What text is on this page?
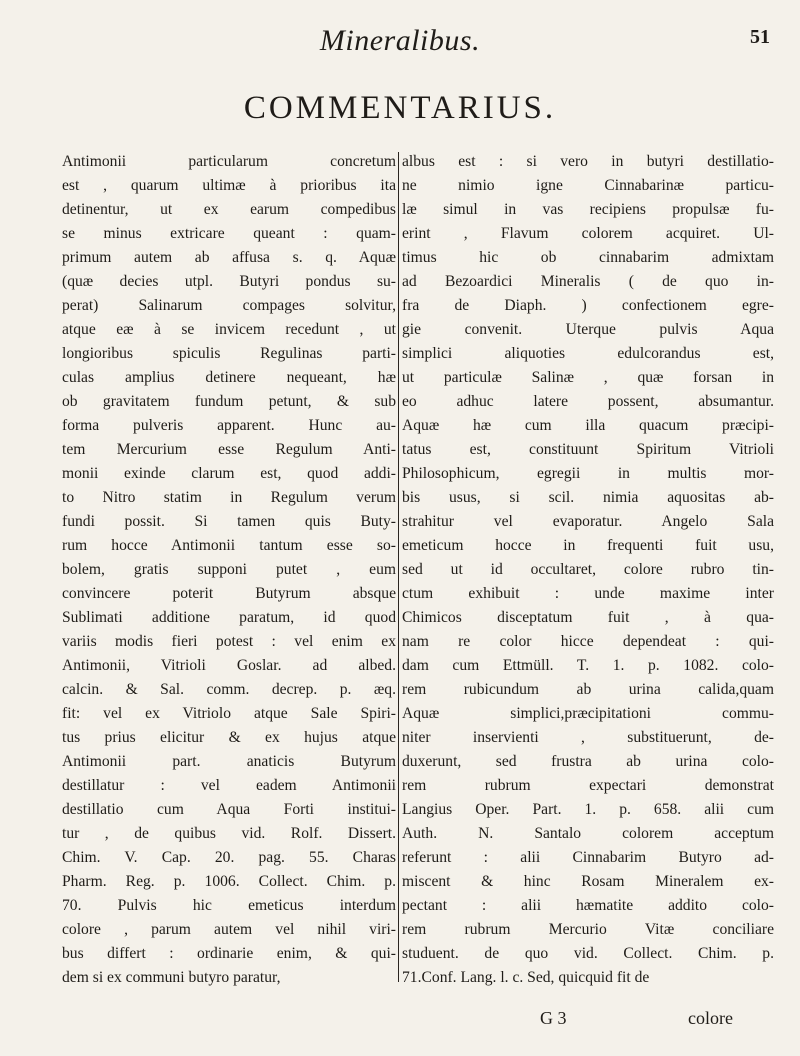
Mineralibus.	51
COMMENTARIUS.
Antimonii particularum concretum
est , quarum ultimæ à prioribus ita
detinentur, ut ex earum compedibus
se minus extricare queant : quam-
primum autem ab affusa s. q. Aquæ
(quæ decies utpl. Butyri pondus su-
perat) Salinarum compages solvitur,
atque eæ à se invicem recedunt , ut
longioribus spiculis Regulinas parti-
culas amplius detinere nequeant, hæ
ob gravitatem fundum petunt, & sub
forma pulveris apparent. Hunc au-
tem Mercurium esse Regulum Anti-
monii exinde clarum est, quod addi-
to Nitro statim in Regulum verum
fundi possit. Si tamen quis Buty-
rum hocce Antimonii tantum esse so-
bolem, gratis supponi putet , eum
convincere poterit Butyrum absque
Sublimati additione paratum, id quod
variis modis fieri potest : vel enim ex
Antimonii, Vitrioli Goslar. ad albed.
calcin. & Sal. comm. decrep. p. æq.
fit: vel ex Vitriolo atque Sale Spiri-
tus prius elicitur & ex hujus atque
Antimonii part. anaticis Butyrum
destillatur : vel eadem Antimonii
destillatio cum Aqua Forti institui-
tur , de quibus vid. Rolf. Dissert.
Chim. V. Cap. 20. pag. 55. Charas
Pharm. Reg. p. 1006. Collect. Chim. p.
70. Pulvis hic emeticus interdum
colore , parum autem vel nihil viri-
bus differt : ordinarie enim, & qui-
dem si ex communi butyro paratur,
albus est : si vero in butyri destillatio-
ne nimio igne Cinnabarinæ particu-
læ simul in vas recipiens propulsæ fu-
erint , Flavum colorem acquiret. Ul-
timus hic ob cinnabarim admixtam
ad Bezoardici Mineralis ( de quo in-
fra de Diaph. ) confectionem egre-
gie convenit. Uterque pulvis Aqua
simplici aliquoties edulcorandus est,
ut particulæ Salinæ , quæ forsan in
eo adhuc latere possent, absumantur.
Aquæ hæ cum illa quacum præcipi-
tatus est, constituunt Spiritum Vitrioli
Philosophicum, egregii in multis mor-
bis usus, si scil. nimia aquositas ab-
strahitur vel evaporatur. Angelo Sala
emeticum hocce in frequenti fuit usu,
sed ut id occultaret, colore rubro tin-
ctum exhibuit : unde maxime inter
Chimicos disceptatum fuit , à qua-
nam re color hicce dependeat : qui-
dam cum Ettmüll. T. 1. p. 1082. colo-
rem rubicundum ab urina calida,quam
Aquæ simplici,præcipitationi commu-
niter inservienti , substituerunt, de-
duxerunt, sed frustra ab urina colo-
rem rubrum expectari demonstrat
Langius Oper. Part. 1. p. 658. alii cum
Auth. N. Santalo colorem acceptum
referunt : alii Cinnabarim Butyro ad-
miscent & hinc Rosam Mineralem ex-
pectant : alii hæmatite addito colo-
rem rubrum Mercurio Vitæ conciliare
studuent. de quo vid. Collect. Chim. p.
71.Conf. Lang. l. c. Sed, quicquid fit de
G 3	colore
